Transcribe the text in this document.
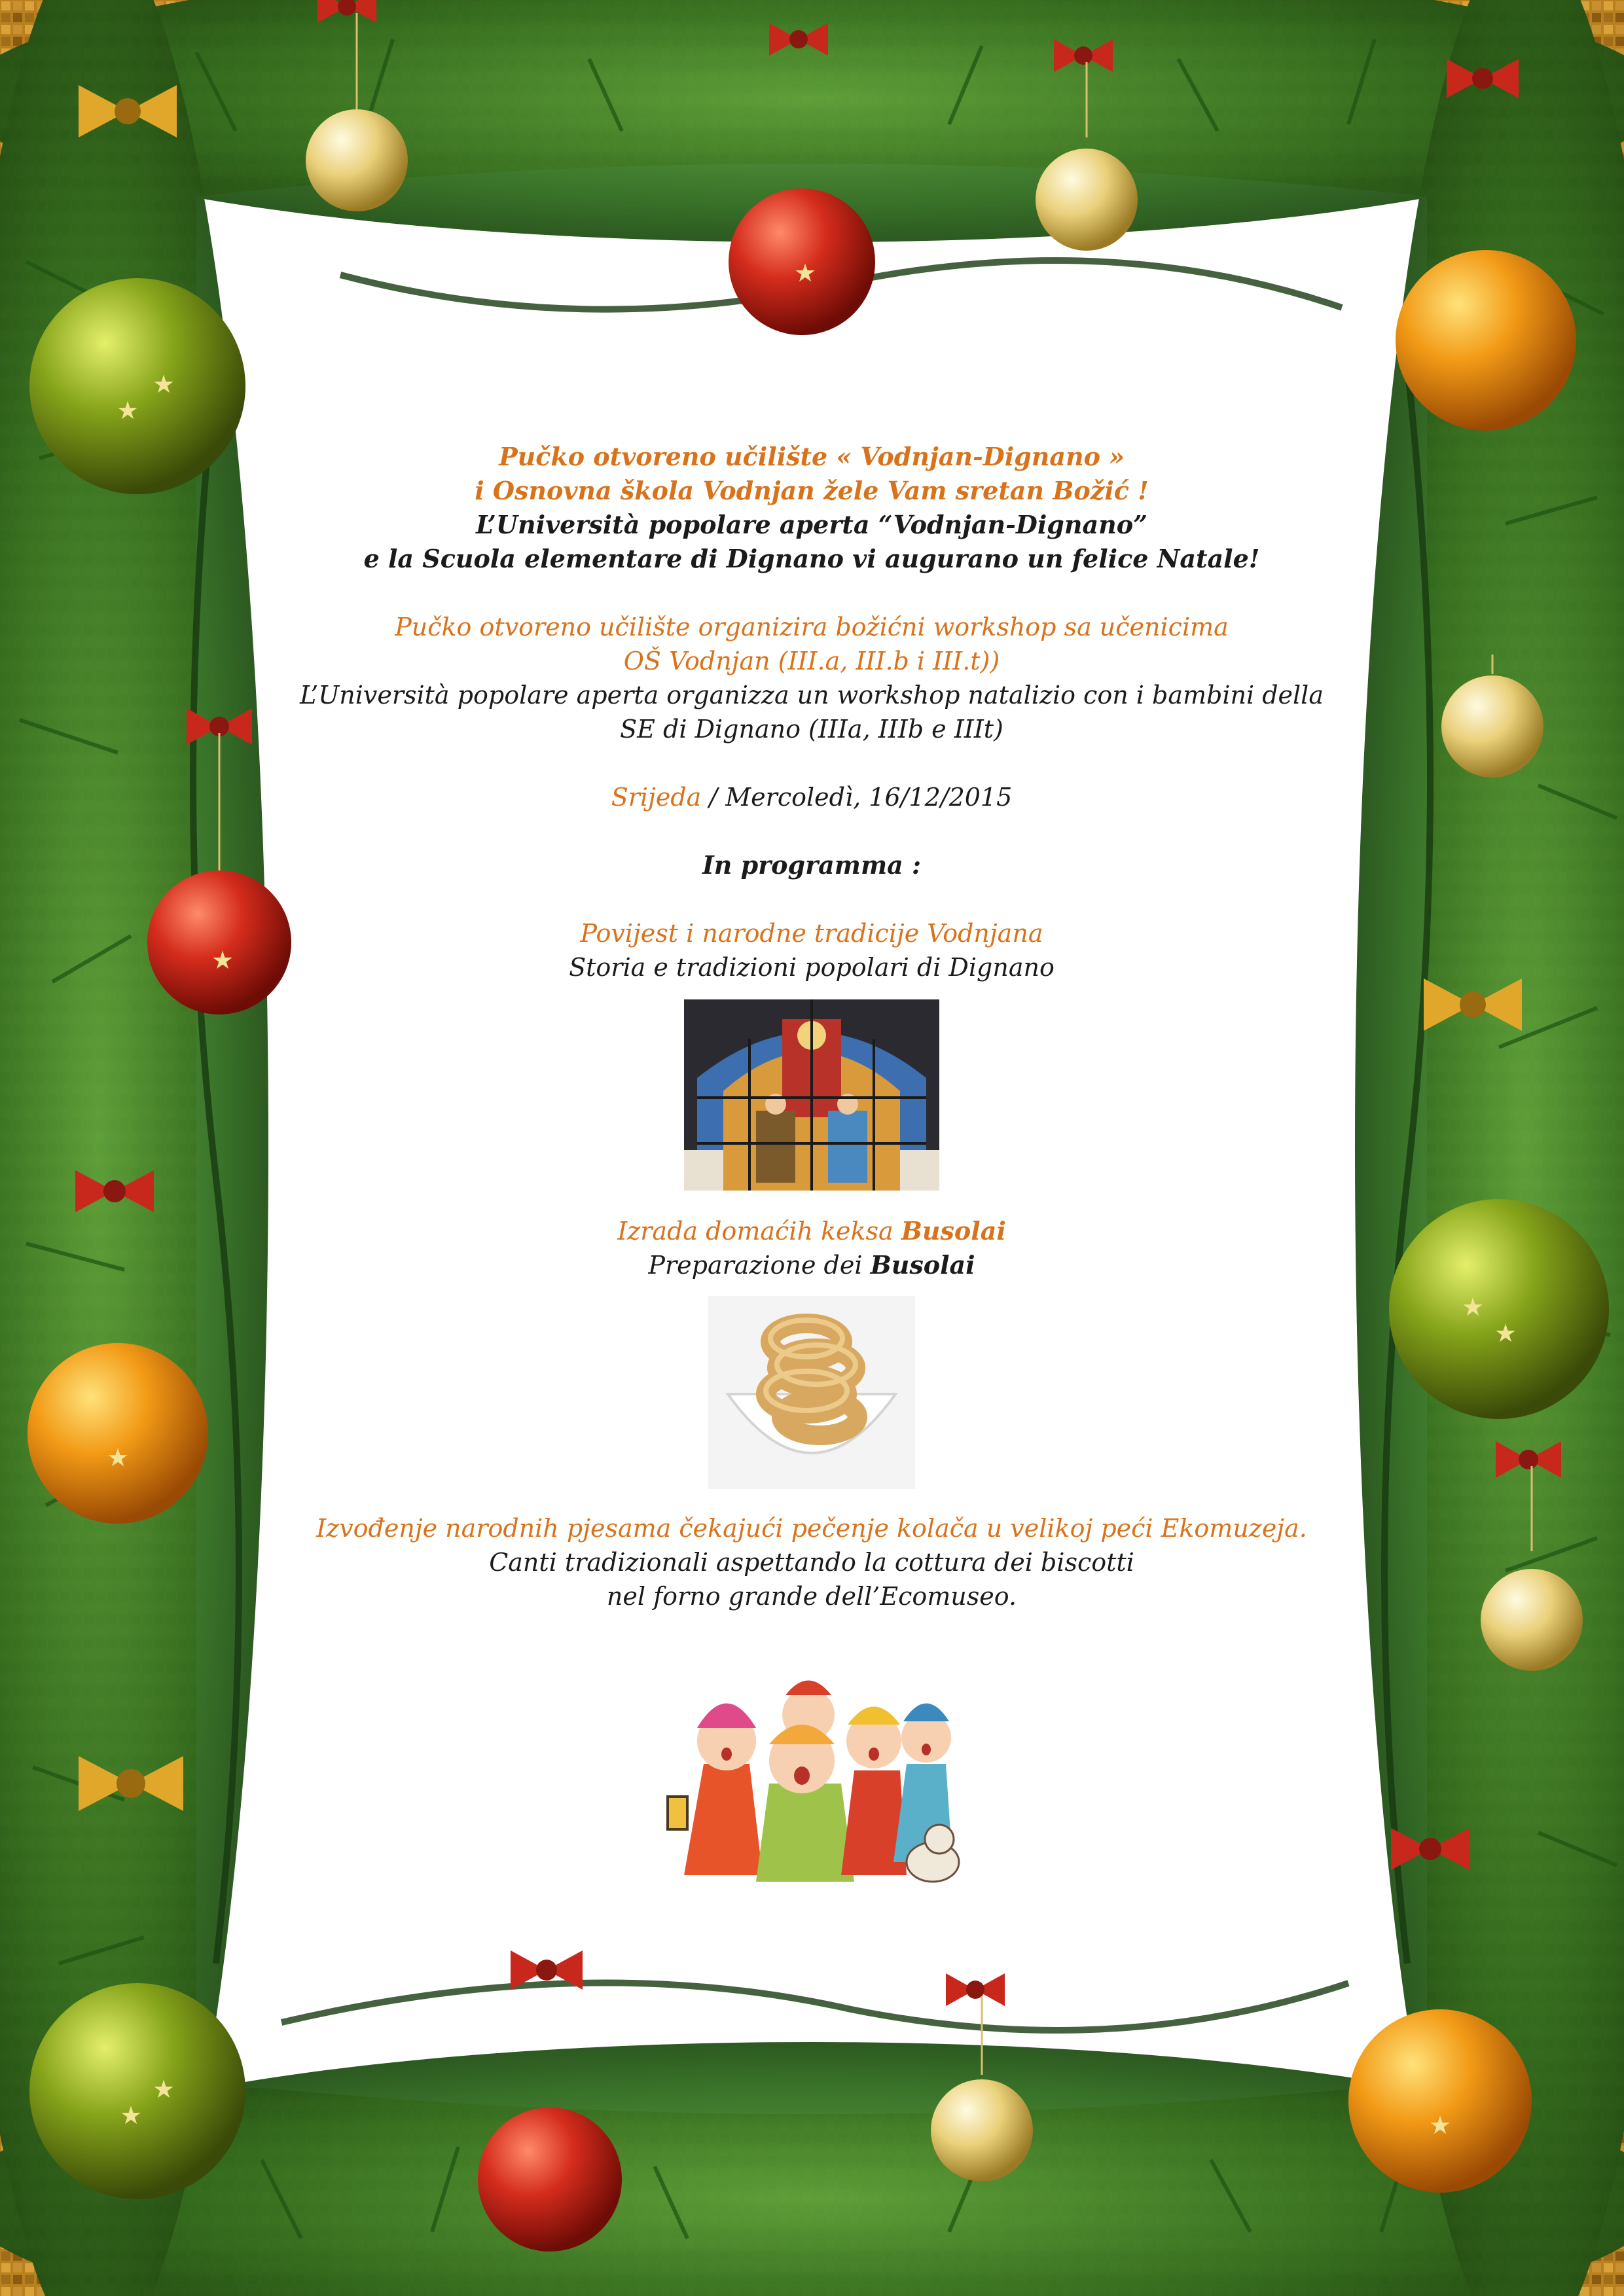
★
★
★
★
★
★
★
★
★
★
Pučko otvoreno učilište « Vodnjan-Dignano »
i Osnovna škola Vodnjan žele Vam sretan Božić !
L’Università popolare aperta “Vodnjan-Dignano”
e la Scuola elementare di Dignano vi augurano un felice Natale!
Pučko otvoreno učilište organizira božićni workshop sa učenicima
OŠ Vodnjan (III.a, III.b i III.t))
L’Università popolare aperta organizza un workshop natalizio con i bambini della
SE di Dignano (IIIa, IIIb e IIIt)
Srijeda / Mercoledì, 16/12/2015
In programma :
Povijest i narodne tradicije Vodnjana
Storia e tradizioni popolari di Dignano
Izrada domaćih keksa Busolai
Preparazione dei Busolai
Izvođenje narodnih pjesama čekajući pečenje kolača u velikoj peći Ekomuzeja.
Canti tradizionali aspettando la cottura dei biscotti
nel forno grande dell’Ecomuseo.
